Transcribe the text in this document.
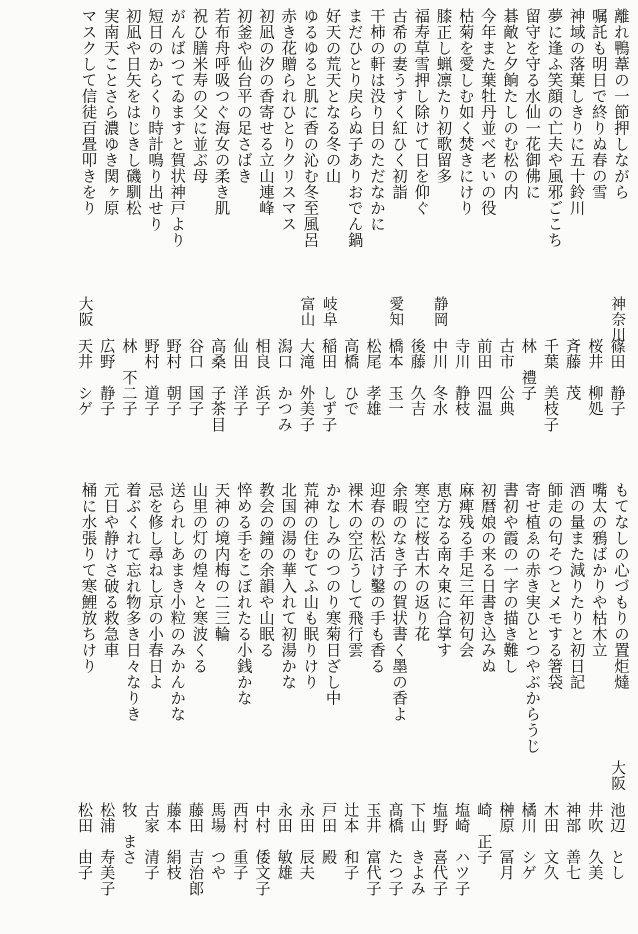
離れ鴨葦の一節押しながら
嘱託も明日で終りぬ春の雪
神域の落葉しきりに五十鈴川
夢に逢ふ笑顔の亡夫や風邪ごこち
留守を守る水仙一花御佛に
碁敵と夕餉たしのむ松の内
今年また葉牡丹並べ老いの役
枯菊を愛しむ如く焚きにけり
膝正し蝋凛たり初歌留多
福寿草雪押し除けて日を仰ぐ
古希の妻うすく紅ひく初詣
干柿の軒は没り日のただなかに
まだひとり戻らぬ子ありおでん鍋
好天の荒天となる冬の山
ゆるゆると肌に香の沁む冬至風呂
赤き花贈られひとりクリスマス
初凪の汐の香寄せる立山連峰
初釜や仙台平の足さばき
若布舟呼吸つぐ海女の柔き肌
祝ひ膳米寿の父に並ぶ母
がんばつてゐますと賀状神戸より
短日のからくり時計鳴り出せり
初凪や日矢をはじきし磯馴松
実南天ことさら濃ゆき関ヶ原
マスクして信徒百畳叩きをり
神奈川
篠田　静子
桜井　柳処
斉藤　茂
千葉　美枝子
林　禮子
古市　公典
前田　四温
寺川　静枝
静岡
中川　冬水
後藤　久吉
愛知
橋本　玉一
松尾　孝雄
高橋　ひで
岐阜
稲田　しず子
富山
大滝　外美子
潟口　かつみ
相良　浜子
仙田　洋子
高桑　子茶目
谷口　国子
野村　朝子
野村　道子
林　不二子
広野　静子
大阪
天井　シゲ
もてなしの心づもりの置炬燵
嘴太の鴉ばかりや枯木立
酒の量また減りたりと初日記
師走の句そつとメモする箸袋
寄せ植ゑの赤き実ひとつやぶからうじ
書初や霞の一字の描き難し
初暦娘の来る日書き込みぬ
麻痺残る手足三年初句会
恵方なる南々東に合掌す
寒空に桜古木の返り花
余暇のなき子の賀状書く墨の香よ
迎春の松活け鑿の手も香る
裸木の空広うして飛行雲
かなしみのつのり寒菊日ざし中
荒神の住むてふ山も眠りけり
北国の湯の華入れて初湯かな
教会の鐘の余韻や山眠る
悴める手をこぼれたる小銭かな
天神の境内梅の二三輪
山里の灯の煌々と寒波くる
送られしあまき小粒のみかんかな
忌を修し尋ねし京の小春日よ
着ぶくれて忘れ物多き日々なりき
元日や静けさ破る救急車
桶に水張りて寒鯉放ちけり
大阪
池辺　とし
井吹　久美
神部　善七
木田　文久
橘川　シゲ
榊原　冨月
崎　正子
塩崎　ハツ子
塩野　喜代子
下山　きよみ
髙橋　たつ子
玉井　富代子
辻本　和子
戸田　殿
永田　辰夫
永田　敏雄
中村　倭文子
西村　重子
馬場　つや
藤田　吉治郎
藤本　絹枝
古家　清子
牧　まさ
松浦　寿美子
松田　由子
